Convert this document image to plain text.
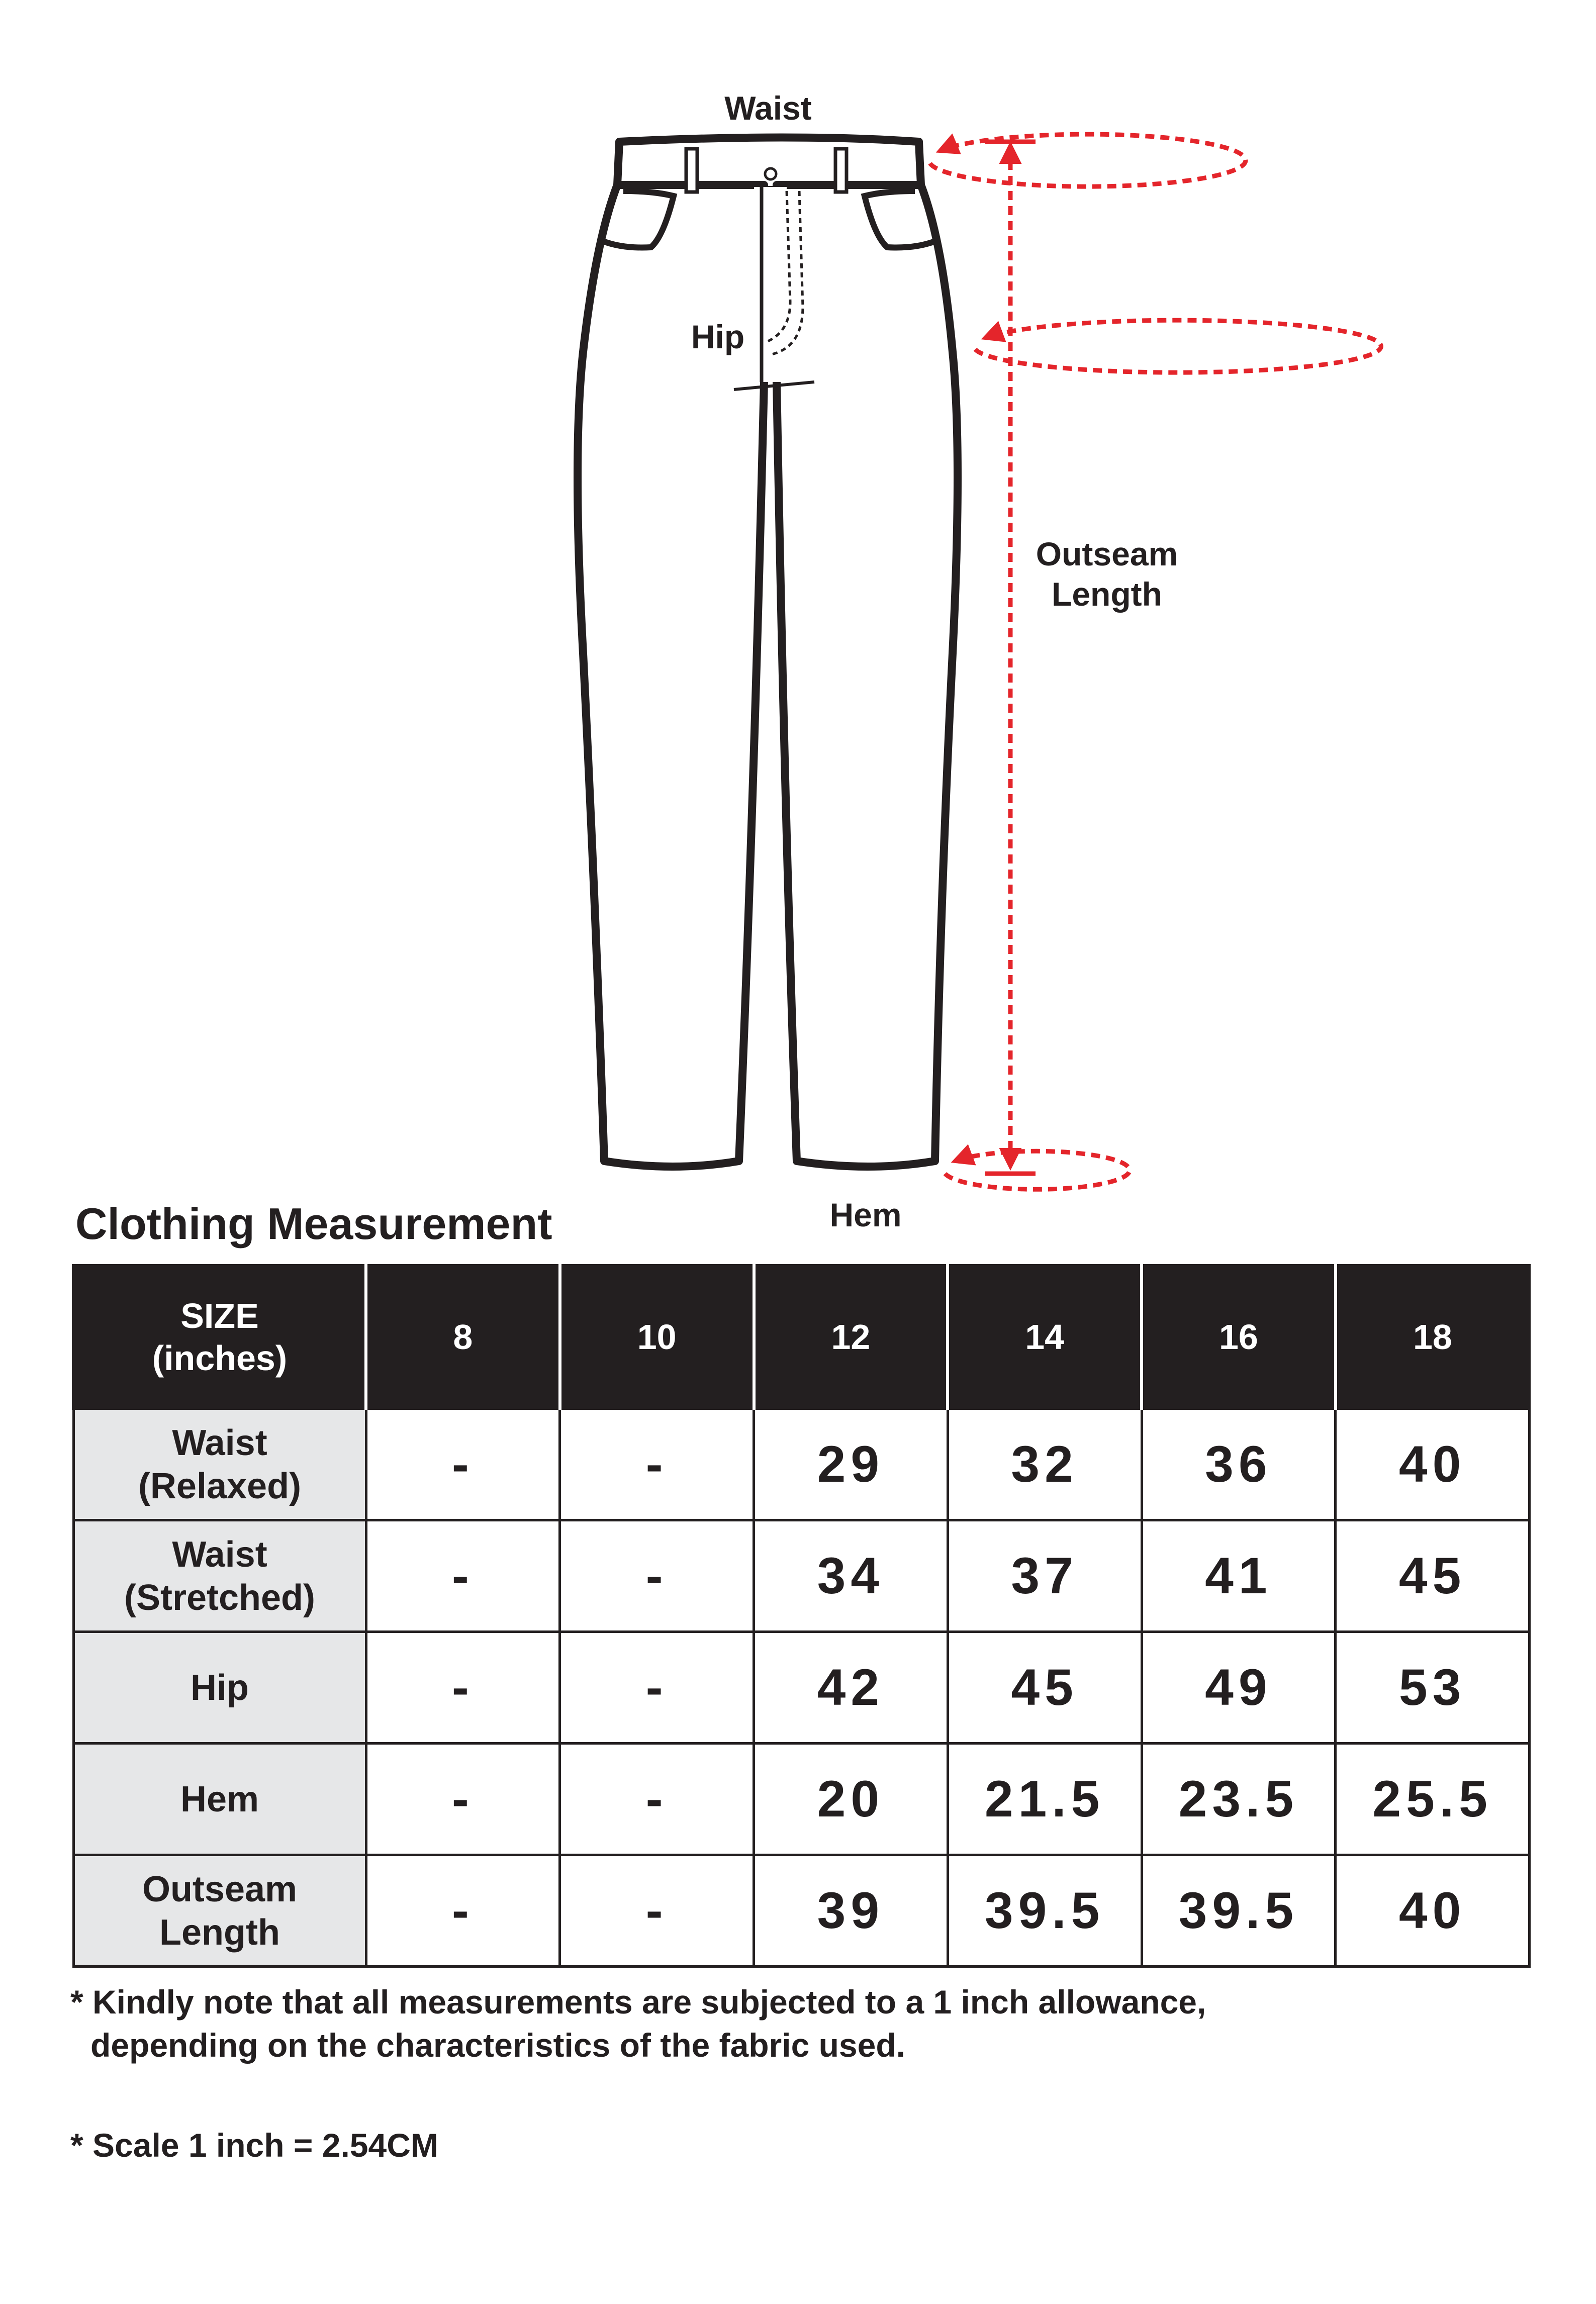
Waist
Hip
Outseam
Length
Hem
Clothing Measurement
SIZE
(inches)	8	10	12	14	16	18
Waist
(Relaxed)	-	-	29	32	36	40
Waist
(Stretched)	-	-	34	37	41	45
Hip	-	-	42	45	49	53
Hem	-	-	20	21.5	23.5	25.5
Outseam
Length	-	-	39	39.5	39.5	40

* Kindly note that all measurements are subjected to a 1 inch allowance,
depending on the characteristics of the fabric used.

* Scale 1 inch = 2.54CM
